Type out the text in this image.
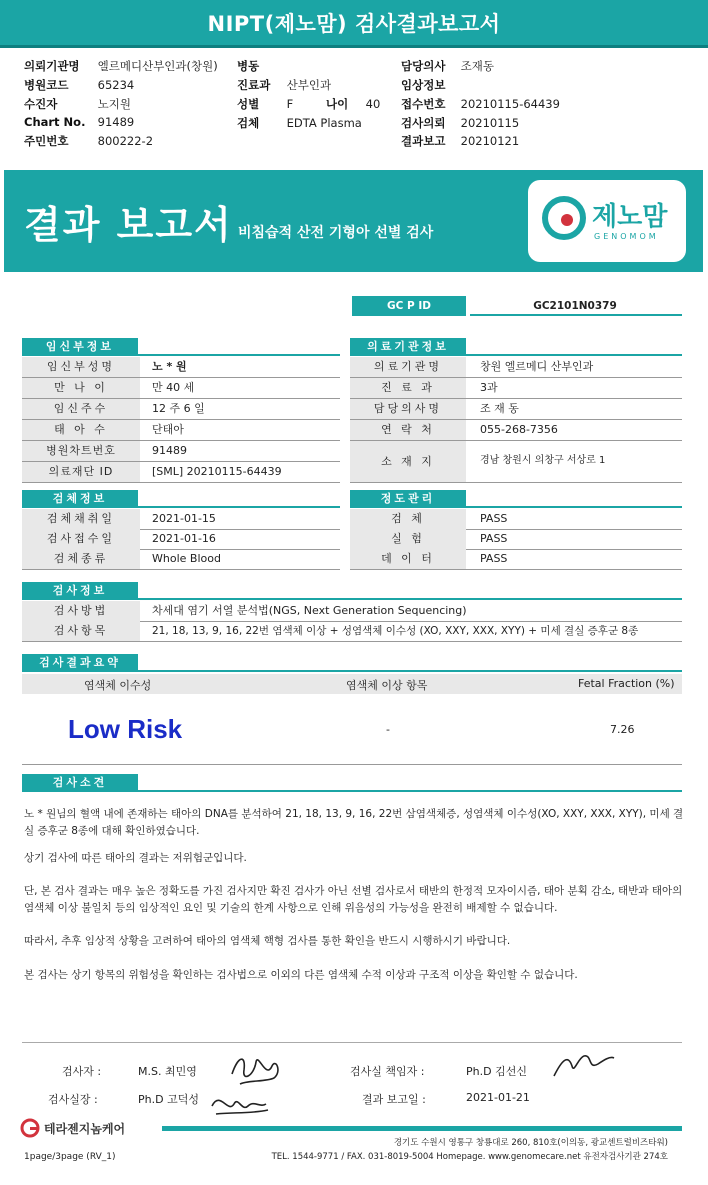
NIPT(제노맘) 검사결과보고서
의뢰기관명 엘르메디산부인과(창원) 병동	담당의사 조재동
병원코드	65234	진료과 산부인과	임상정보
수진자	노지원	성별 F	나이 40 접수번호 20210115-64439
Chart No. 91489	검체 EDTA Plasma	검사의뢰 20210115
주민번호	800222-2	결과보고 20210121
결과 보고서 비침습적 산전 기형아 선별 검사
제노맘
GENOMOM
GC P ID	GC2101N0379
임신부정보
임신부성명	노 * 원
만 나 이	만 40 세
임신주수	12 주 6 일
태 아 수	단태아
병원차트번호	91489
의료재단 ID	[SML] 20210115-64439
의료기관정보
의료기관명	창원 엘르메디 산부인과
진 료 과	3과
담당의사명	조 재 동
연 락 처	055-268-7356
소 재 지	경남 창원시 의창구 서상로 1
검체정보
검체채취일	2021-01-15
검사접수일	2021-01-16
검체종류	Whole Blood
정도관리
검 체	PASS
실 험	PASS
데 이 터	PASS
검사정보
검사방법	차세대 염기 서열 분석법(NGS, Next Generation Sequencing)
검사항목	21, 18, 13, 9, 16, 22번 염색체 이상 + 성염색체 이수성 (XO, XXY, XXX, XYY) + 미세 결실 증후군 8종
검사결과요약
염색체 이수성	염색체 이상 항목	Fetal Fraction (%)
Low Risk	-	7.26
검사소견
노 * 원님의 혈액 내에 존재하는 태아의 DNA를 분석하여 21, 18, 13, 9, 16, 22번 삼염색체증, 성염색체 이수성(XO, XXY, XXX, XYY), 미세 결실 증후군 8종에 대해 확인하였습니다.
상기 검사에 따른 태아의 결과는 저위험군입니다.
단, 본 검사 결과는 매우 높은 정확도를 가진 검사지만 확진 검사가 아닌 선별 검사로서 태반의 한정적 모자이시즘, 태아 분획 감소, 태반과 태아의 염색체 이상 불일치 등의 임상적인 요인 및 기술의 한계 사항으로 인해 위음성의 가능성을 완전히 배제할 수 없습니다.
따라서, 추후 임상적 상황을 고려하여 태아의 염색체 핵형 검사를 통한 확인을 반드시 시행하시기 바랍니다.
본 검사는 상기 항목의 위험성을 확인하는 검사법으로 이외의 다른 염색체 수적 이상과 구조적 이상을 확인할 수 없습니다.
검사자 :	M.S. 최민영	검사실 책임자 :	Ph.D 김선신
검사실장 :	Ph.D 고덕성	결과 보고일 :	2021-01-21
테라젠지놈케어
경기도 수원시 영통구 창룡대로 260, 810호(이의동, 광교센트럴비즈타워)
TEL. 1544-9771 / FAX. 031-8019-5004 Homepage. www.genomecare.net 유전자검사기관 274호
1page/3page (RV_1)
